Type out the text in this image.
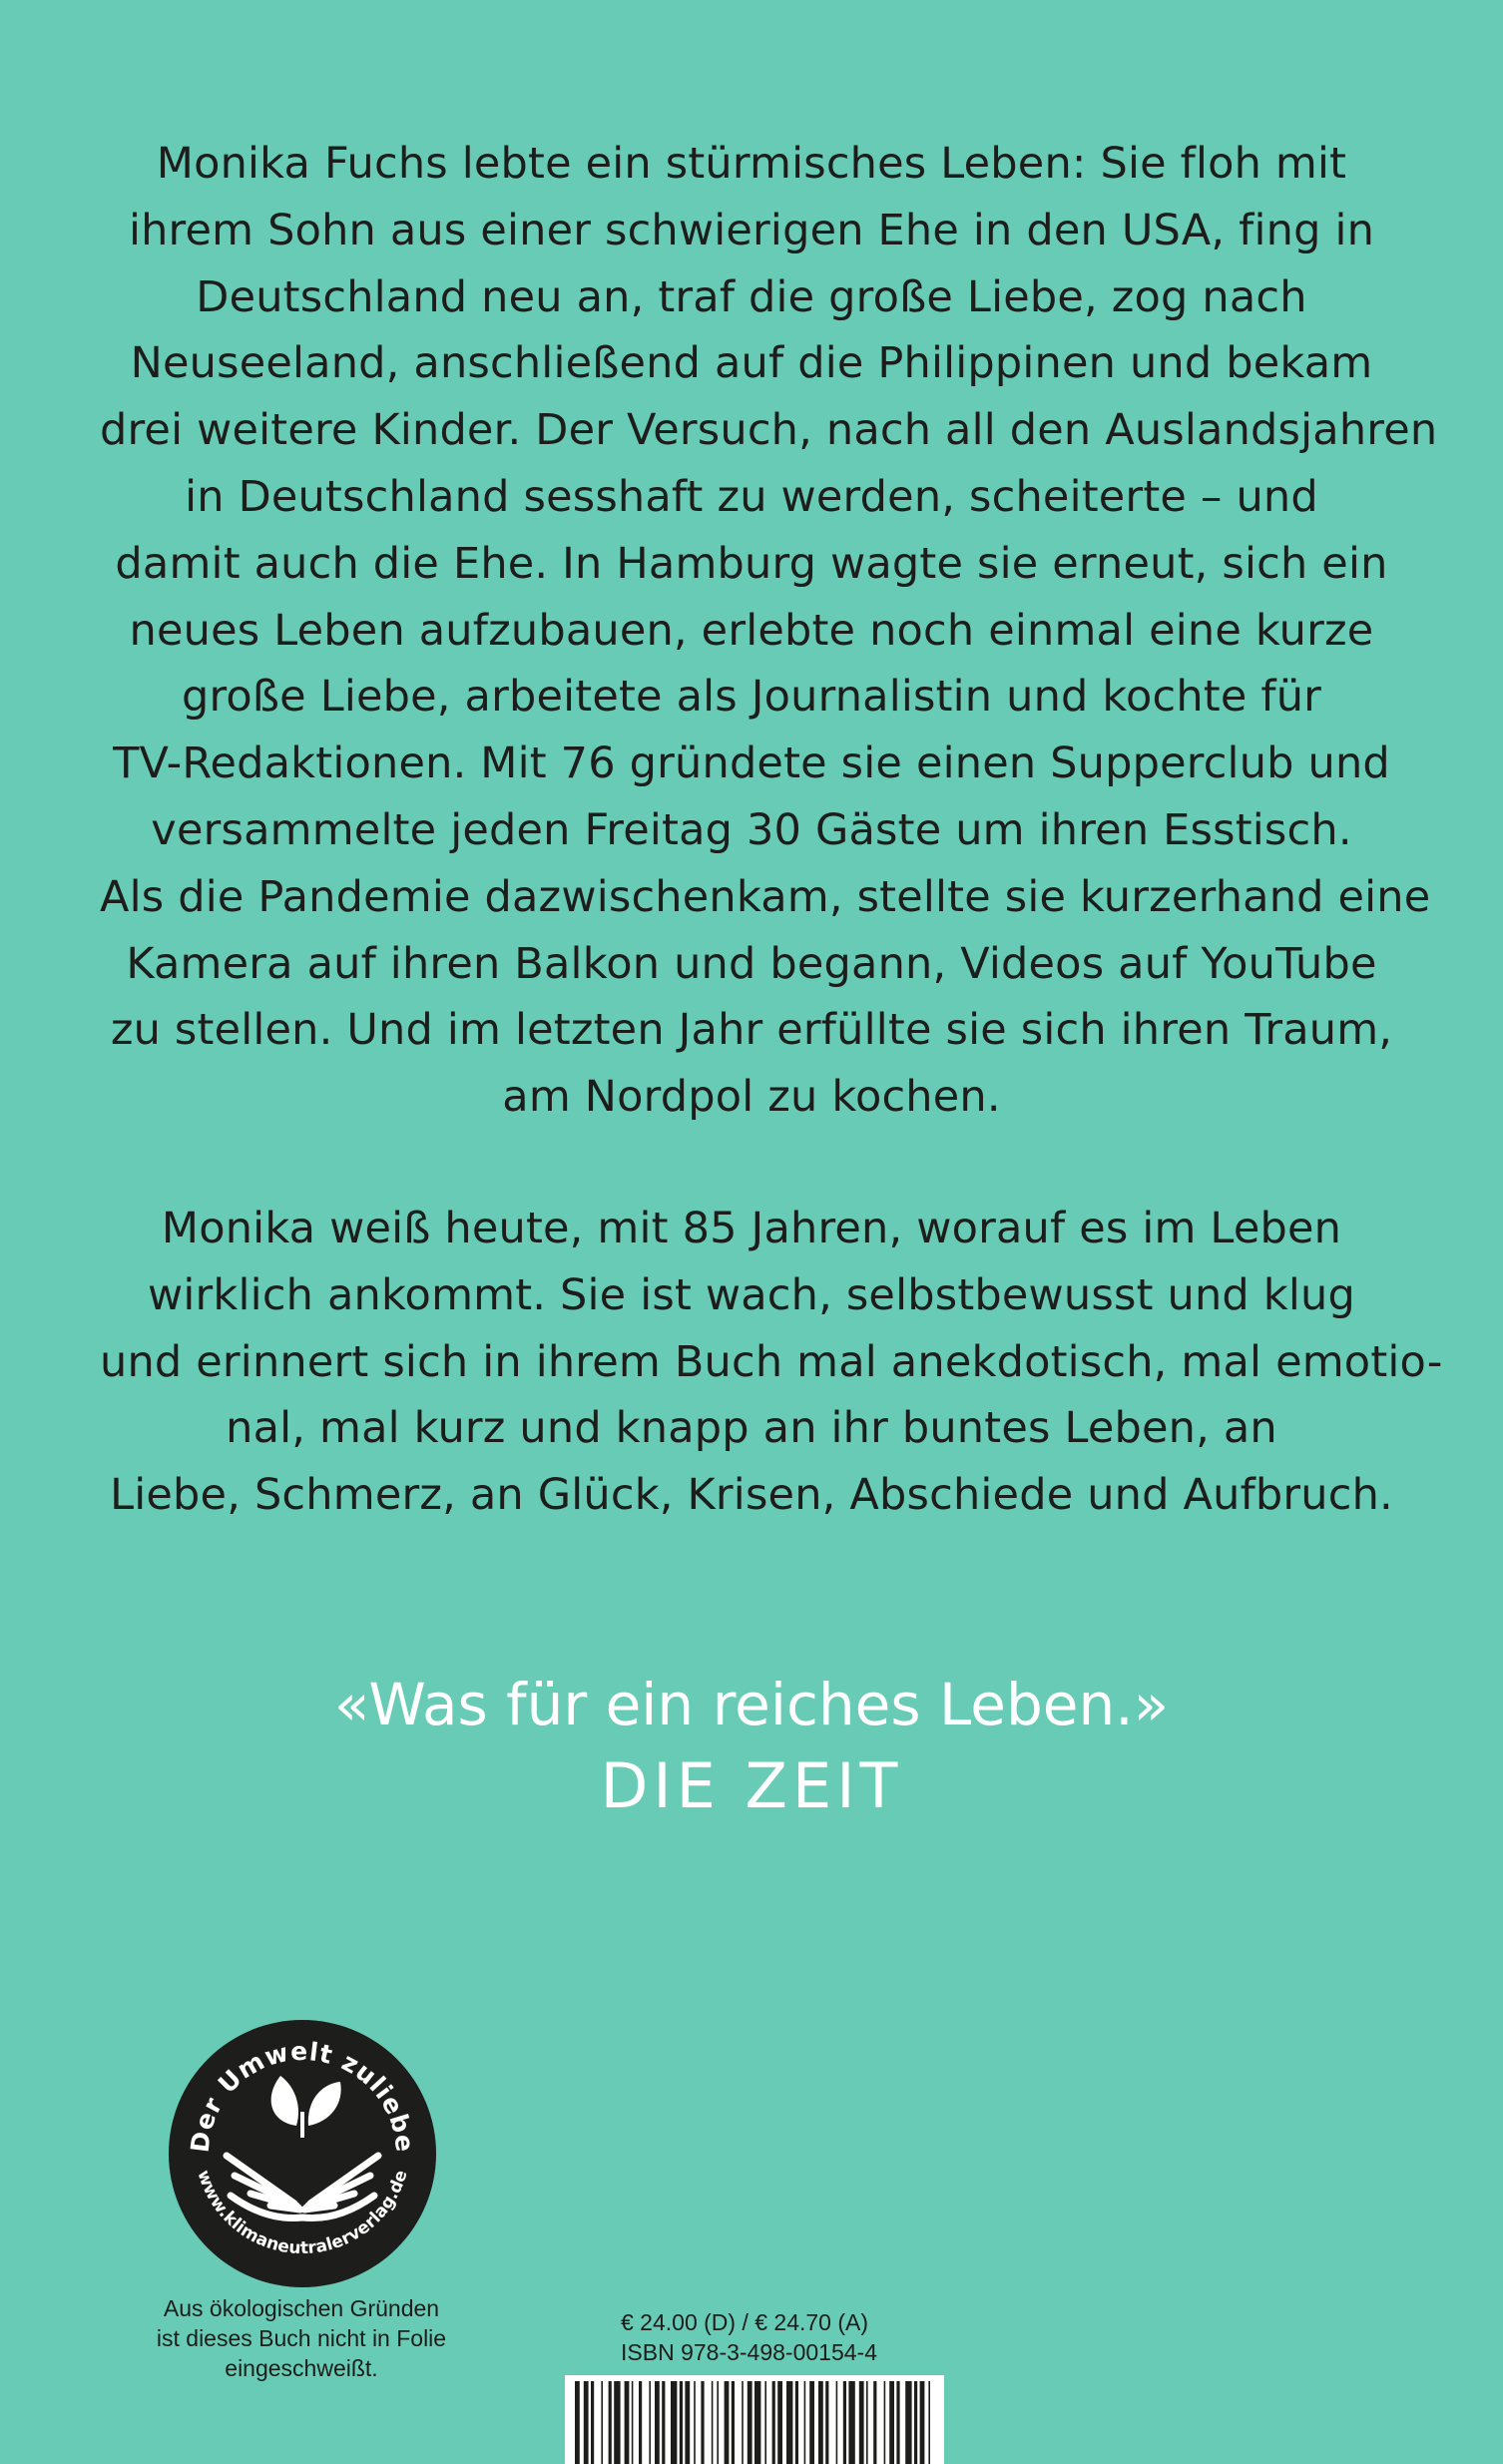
Monika Fuchs lebte ein stürmisches Leben: Sie floh mit
ihrem Sohn aus einer schwierigen Ehe in den USA, fing in
Deutschland neu an, traf die große Liebe, zog nach
Neuseeland, anschließend auf die Philippinen und bekam
drei weitere Kinder. Der Versuch, nach all den Auslandsjahren
in Deutschland sesshaft zu werden, scheiterte – und
damit auch die Ehe. In Hamburg wagte sie erneut, sich ein
neues Leben aufzubauen, erlebte noch einmal eine kurze
große Liebe, arbeitete als Journalistin und kochte für
TV-Redaktionen. Mit 76 gründete sie einen Supperclub und
versammelte jeden Freitag 30 Gäste um ihren Esstisch.
Als die Pandemie dazwischenkam, stellte sie kurzerhand eine
Kamera auf ihren Balkon und begann, Videos auf YouTube
zu stellen. Und im letzten Jahr erfüllte sie sich ihren Traum,
am Nordpol zu kochen.
Monika weiß heute, mit 85 Jahren, worauf es im Leben
wirklich ankommt. Sie ist wach, selbstbewusst und klug
und erinnert sich in ihrem Buch mal anekdotisch, mal emotio-
nal, mal kurz und knapp an ihr buntes Leben, an
Liebe, Schmerz, an Glück, Krisen, Abschiede und Aufbruch.

«Was für ein reiches Leben.»

DIE ZEIT

Der Umwelt zuliebe
www.klimaneutralerverlag.de
Aus ökologischen Gründen
ist dieses Buch nicht in Folie
eingeschweißt.
€ 24.00 (D) / € 24.70 (A)
ISBN 978-3-498-00154-4
